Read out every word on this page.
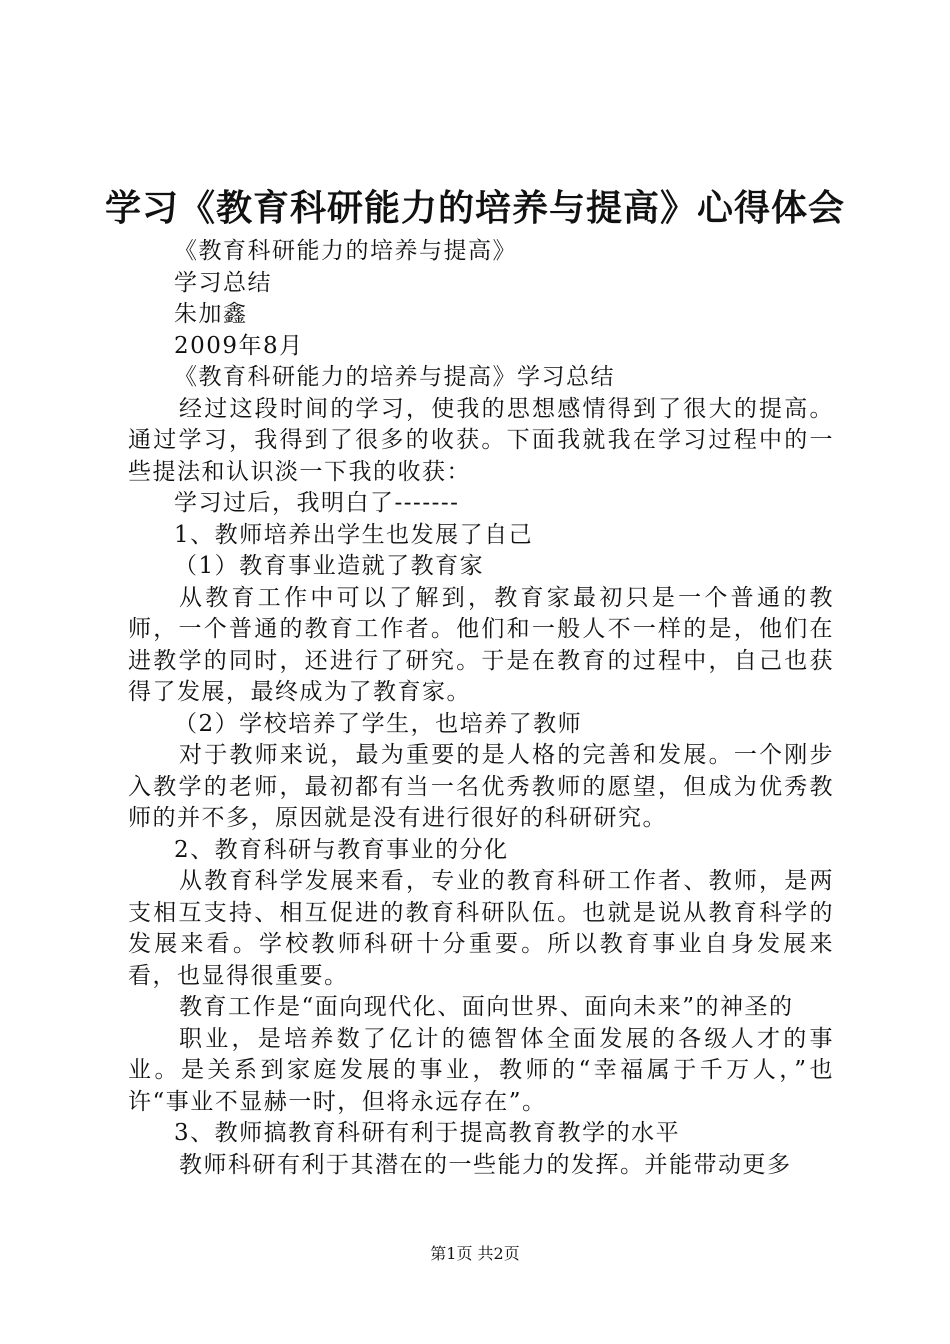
学习《教育科研能力的培养与提高》心得体会

《教育科研能力的培养与提高》

学习总结

朱加鑫

2009年8月

《教育科研能力的培养与提高》学习总结

经过这段时间的学习，使我的思想感情得到了很大的提高。通过学习，我得到了很多的收获。下面我就我在学习过程中的一些提法和认识淡一下我的收获：

学习过后，我明白了-------

1、教师培养出学生也发展了自己

（1）教育事业造就了教育家

从教育工作中可以了解到，教育家最初只是一个普通的教师，一个普通的教育工作者。他们和一般人不一样的是，他们在进教学的同时，还进行了研究。于是在教育的过程中，自己也获得了发展，最终成为了教育家。

（2）学校培养了学生，也培养了教师

对于教师来说，最为重要的是人格的完善和发展。一个刚步入教学的老师，最初都有当一名优秀教师的愿望，但成为优秀教师的并不多，原因就是没有进行很好的科研研究。

2、教育科研与教育事业的分化

从教育科学发展来看，专业的教育科研工作者、教师，是两支相互支持、相互促进的教育科研队伍。也就是说从教育科学的发展来看。学校教师科研十分重要。所以教育事业自身发展来看，也显得很重要。

教育工作是“面向现代化、面向世界、面向未来”的神圣的

职业，是培养数了亿计的德智体全面发展的各级人才的事业。是关系到家庭发展的事业，教师的“幸福属于千万人，”也许“事业不显赫一时，但将永远存在”。

3、教师搞教育科研有利于提高教育教学的水平

教师科研有利于其潜在的一些能力的发挥。并能带动更多

第1页 共2页
